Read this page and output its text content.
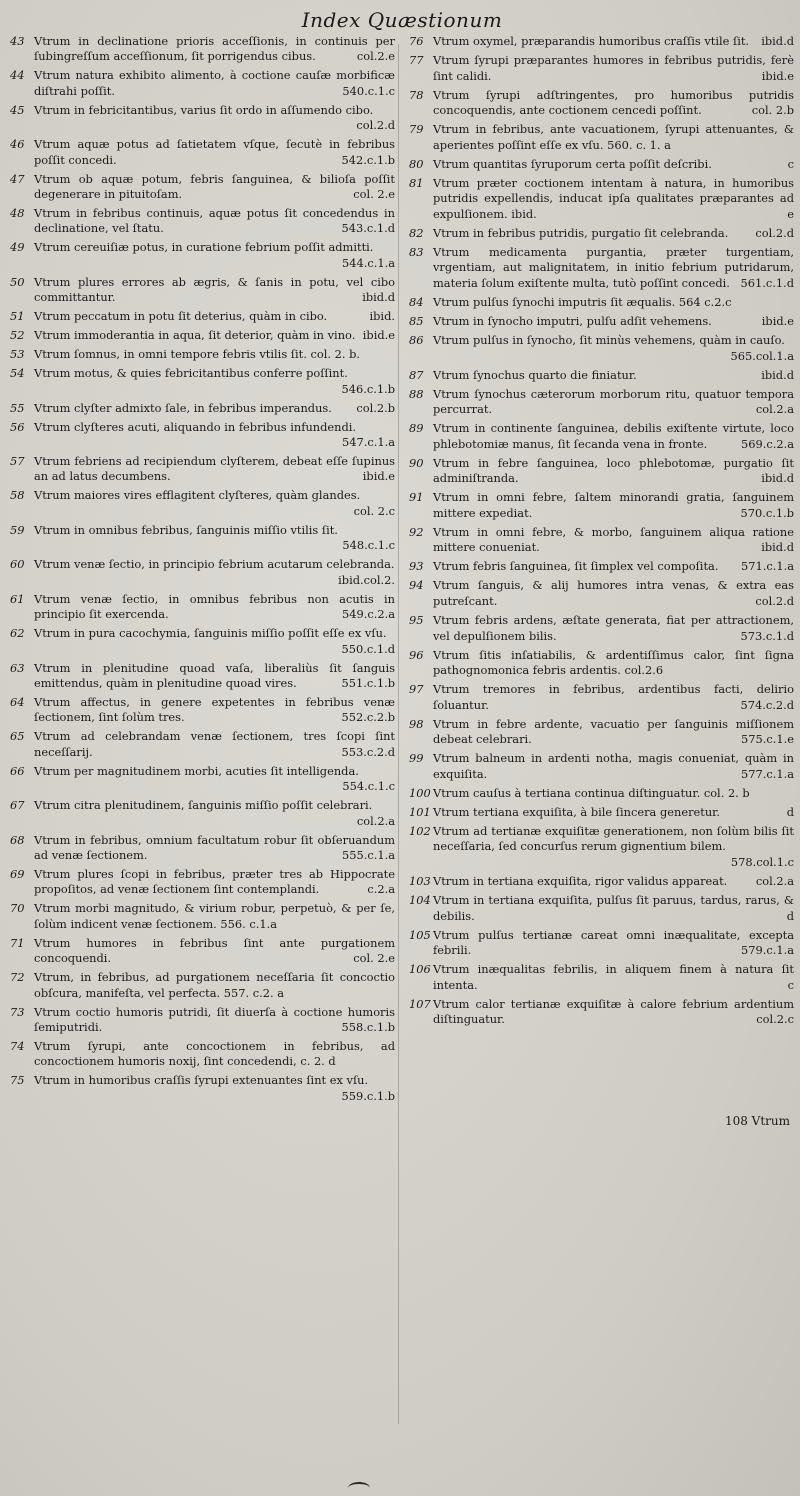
Index Quæstionum
43 Vtrum in declinatione prioris acceſſionis, in continuis per ſubingreſſum acceſſionum, ſit porrigendus cibus.	col.2.e
44 Vtrum natura exhibito alimento, à coctione cauſæ morbificæ diſtrahi poſſit.	540.c.1.c
45 Vtrum in febricitantibus, varius ſit ordo in aſſumendo cibo.
col.2.d
46 Vtrum aquæ potus ad ſatietatem vſque, ſecutè in febribus poſſit concedi.	542.c.1.b
47 Vtrum ob aquæ potum, febris ſanguinea, & bilioſa poſſit degenerare in pituitoſam.	col. 2.e
48 Vtrum in febribus continuis, aquæ potus ſit concedendus in declinatione, vel ſtatu.	543.c.1.d
49 Vtrum cereuiſiæ potus, in curatione febrium poſſit admitti.
544.c.1.a
50 Vtrum plures errores ab ægris, & ſanis in potu, vel cibo committantur.	ibid.d
51 Vtrum peccatum in potu ſit deterius, quàm in cibo.	ibid.
52 Vtrum immoderantia in aqua, ſit deterior, quàm in vino. ibid.e
53 Vtrum ſomnus, in omni tempore febris vtilis ſit. col. 2. b.
54 Vtrum motus, & quies febricitantibus conferre poſſint.
546.c.1.b
55 Vtrum clyſter admixto ſale, in febribus imperandus.	col.2.b
56 Vtrum clyſteres acuti, aliquando in febribus infundendi.
547.c.1.a
57 Vtrum febriens ad recipiendum clyſterem, debeat eſſe ſupinus an ad latus decumbens.	ibid.e
58 Vtrum maiores vires efflagitent clyſteres, quàm glandes.
col. 2.c
59 Vtrum in omnibus febribus, ſanguinis miſſio vtilis ſit.
548.c.1.c
60 Vtrum venæ ſectio, in principio febrium acutarum celebranda.
ibid.col.2.
61 Vtrum venæ ſectio, in omnibus febribus non acutis in principio ſit exercenda.	549.c.2.a
62 Vtrum in pura cacochymia, ſanguinis miſſio poſſit eſſe ex vſu.
550.c.1.d
63 Vtrum in plenitudine quoad vaſa, liberaliùs ſit ſanguis emittendus, quàm in plenitudine quoad vires.	551.c.1.b
64 Vtrum affectus, in genere expetentes in febribus venæ ſectionem, ſint ſolùm tres.	552.c.2.b
65 Vtrum ad celebrandam venæ ſectionem, tres ſcopi ſint neceſſarij.	553.c.2.d
66 Vtrum per magnitudinem morbi, acuties ſit intelligenda.
554.c.1.c
67 Vtrum citra plenitudinem, ſanguinis miſſio poſſit celebrari.
col.2.a
68 Vtrum in febribus, omnium facultatum robur ſit obſeruandum ad venæ ſectionem.	555.c.1.a
69 Vtrum plures ſcopi in febribus, præter tres ab Hippocrate propoſitos, ad venæ ſectionem ſint contemplandi.	c.2.a
70 Vtrum morbi magnitudo, & virium robur, perpetuò, & per ſe, ſolùm indicent venæ ſectionem. 556. c.1.a
71 Vtrum humores in febribus ſint ante purgationem concoquendi.	col. 2.e
72 Vtrum, in febribus, ad purgationem neceſſaria ſit concoctio obſcura, manifeſta, vel perfecta. 557. c.2. a
73 Vtrum coctio humoris putridi, ſit diuerſa à coctione humoris ſemiputridi.	558.c.1.b
74 Vtrum ſyrupi, ante concoctionem in febribus, ad concoctionem humoris noxij, ſint concedendi, c. 2. d
75 Vtrum in humoribus craſſis ſyrupi extenuantes ſint ex vſu.
559.c.1.b
76 Vtrum oxymel, præparandis humoribus craſſis vtile ſit.	ibid.d
77 Vtrum ſyrupi præparantes humores in febribus putridis, ferè ſint calidi.	ibid.e
78 Vtrum ſyrupi adſtringentes, pro humoribus putridis concoquendis, ante coctionem cencedi poſſint.	col. 2.b
79 Vtrum in febribus, ante vacuationem, ſyrupi attenuantes, & aperientes poſſint eſſe ex vſu. 560. c. 1. a
80 Vtrum quantitas ſyruporum certa poſſit deſcribi.	c
81 Vtrum præter coctionem intentam à natura, in humoribus putridis expellendis, inducat ipſa qualitates præparantes ad expulſionem. ibid.	e
82 Vtrum in febribus putridis, purgatio ſit celebranda.	col.2.d
83 Vtrum medicamenta purgantia, præter turgentiam, vrgentiam, aut malignitatem, in initio febrium putridarum, materia ſolum exiſtente multa, tutò poſſint concedi. 561.c.1.d
84 Vtrum pulſus ſynochi imputris ſit æqualis. 564 c.2.c
85 Vtrum in ſynocho imputri, pulſu adſit vehemens.	ibid.e
86 Vtrum pulſus in ſynocho, ſit minùs vehemens, quàm in cauſo.
565.col.1.a
87 Vtrum ſynochus quarto die finiatur.	ibid.d
88 Vtrum ſynochus cæterorum morborum ritu, quatuor tempora percurrat.	col.2.a
89 Vtrum in continente ſanguinea, debilis exiſtente virtute, loco phlebotomiæ manus, ſit ſecanda vena in fronte.	569.c.2.a
90 Vtrum in febre ſanguinea, loco phlebotomæ, purgatio ſit adminiſtranda.	ibid.d
91 Vtrum in omni febre, ſaltem minorandi gratia, ſanguinem mittere expediat.	570.c.1.b
92 Vtrum in omni febre, & morbo, ſanguinem aliqua ratione mittere conueniat.	ibid.d
93 Vtrum febris ſanguinea, ſit ſimplex vel compoſita.	571.c.1.a
94 Vtrum ſanguis, & alij humores intra venas, & extra eas putreſcant.	col.2.d
95 Vtrum febris ardens, æſtate generata, fiat per attractionem, vel depulſionem bilis.	573.c.1.d
96 Vtrum ſitis inſatiabilis, & ardentiſſimus calor, ſint ſigna pathognomonica febris ardentis. col.2.6
97 Vtrum tremores in febribus, ardentibus facti, delirio ſoluantur.	574.c.2.d
98 Vtrum in febre ardente, vacuatio per ſanguinis miſſionem debeat celebrari.	575.c.1.e
99 Vtrum balneum in ardenti notha, magis conueniat, quàm in exquiſita.	577.c.1.a
100 Vtrum cauſus à tertiana continua diſtinguatur. col. 2. b
101 Vtrum tertiana exquiſita, à bile ſincera generetur.	d
102 Vtrum ad tertianæ exquiſitæ generationem, non ſolùm bilis ſit neceſſaria, ſed concurſus rerum gignentium bilem.
578.col.1.c
103 Vtrum in tertiana exquiſita, rigor validus appareat.	col.2.a
104 Vtrum in tertiana exquiſita, pulſus ſit paruus, tardus, rarus, & debilis.	d
105 Vtrum pulſus tertianæ careat omni inæqualitate, excepta febrili.	579.c.1.a
106 Vtrum inæqualitas febrilis, in aliquem finem à natura ſit intenta.	c
107 Vtrum calor tertianæ exquiſitæ à calore febrium ardentium diſtinguatur.	col.2.c
108 Vtrum
